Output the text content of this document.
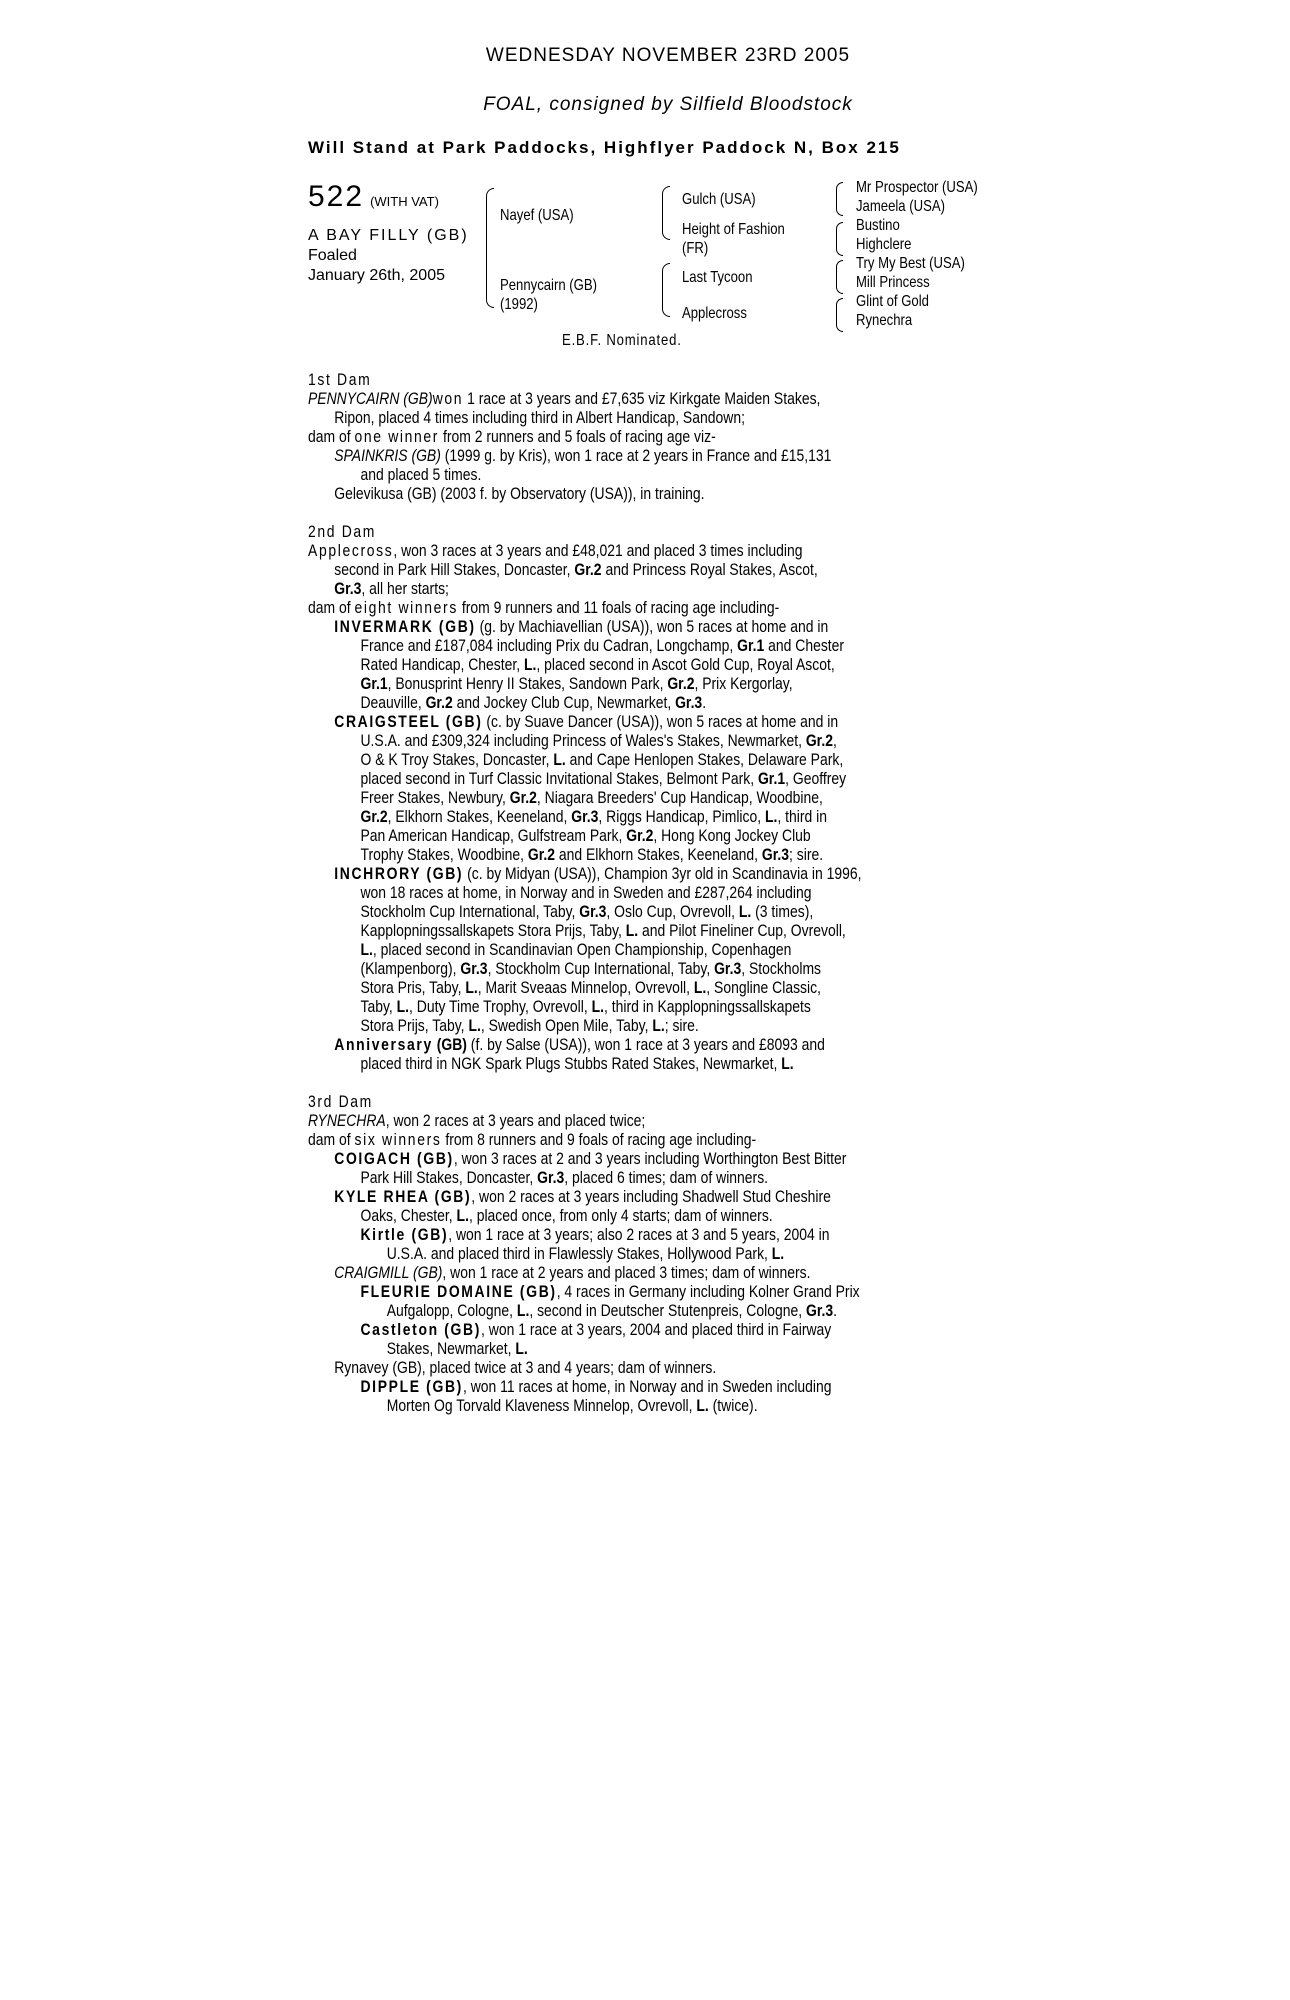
WEDNESDAY NOVEMBER 23RD 2005
FOAL, consigned by Silfield Bloodstock
Will Stand at Park Paddocks, Highflyer Paddock N, Box 215
522 (WITH VAT)
A BAY FILLY (GB)
Foaled
January 26th, 2005
Nayef (USA)
Pennycairn (GB)
(1992)
Gulch (USA)
Height of Fashion
(FR)
Last Tycoon
Applecross
Mr Prospector (USA)
Jameela (USA)
Bustino
Highclere
Try My Best (USA)
Mill Princess
Glint of Gold
Rynechra
E.B.F. Nominated.

1st Dam

PENNYCAIRN (GB)won 1 race at 3 years and £7,635 viz Kirkgate Maiden Stakes,

Ripon, placed 4 times including third in Albert Handicap, Sandown;

dam of one winner from 2 runners and 5 foals of racing age viz-

SPAINKRIS (GB) (1999 g. by Kris), won 1 race at 2 years in France and £15,131

and placed 5 times.

Gelevikusa (GB) (2003 f. by Observatory (USA)), in training.

2nd Dam

Applecross, won 3 races at 3 years and £48,021 and placed 3 times including

second in Park Hill Stakes, Doncaster, Gr.2 and Princess Royal Stakes, Ascot,

Gr.3, all her starts;

dam of eight winners from 9 runners and 11 foals of racing age including-

INVERMARK (GB) (g. by Machiavellian (USA)), won 5 races at home and in

France and £187,084 including Prix du Cadran, Longchamp, Gr.1 and Chester

Rated Handicap, Chester, L., placed second in Ascot Gold Cup, Royal Ascot,

Gr.1, Bonusprint Henry II Stakes, Sandown Park, Gr.2, Prix Kergorlay,

Deauville, Gr.2 and Jockey Club Cup, Newmarket, Gr.3.

CRAIGSTEEL (GB) (c. by Suave Dancer (USA)), won 5 races at home and in

U.S.A. and £309,324 including Princess of Wales's Stakes, Newmarket, Gr.2,

O & K Troy Stakes, Doncaster, L. and Cape Henlopen Stakes, Delaware Park,

placed second in Turf Classic Invitational Stakes, Belmont Park, Gr.1, Geoffrey

Freer Stakes, Newbury, Gr.2, Niagara Breeders' Cup Handicap, Woodbine,

Gr.2, Elkhorn Stakes, Keeneland, Gr.3, Riggs Handicap, Pimlico, L., third in

Pan American Handicap, Gulfstream Park, Gr.2, Hong Kong Jockey Club

Trophy Stakes, Woodbine, Gr.2 and Elkhorn Stakes, Keeneland, Gr.3; sire.

INCHRORY (GB) (c. by Midyan (USA)), Champion 3yr old in Scandinavia in 1996,

won 18 races at home, in Norway and in Sweden and £287,264 including

Stockholm Cup International, Taby, Gr.3, Oslo Cup, Ovrevoll, L. (3 times),

Kapplopningssallskapets Stora Prijs, Taby, L. and Pilot Fineliner Cup, Ovrevoll,

L., placed second in Scandinavian Open Championship, Copenhagen

(Klampenborg), Gr.3, Stockholm Cup International, Taby, Gr.3, Stockholms

Stora Pris, Taby, L., Marit Sveaas Minnelop, Ovrevoll, L., Songline Classic,

Taby, L., Duty Time Trophy, Ovrevoll, L., third in Kapplopningssallskapets

Stora Prijs, Taby, L., Swedish Open Mile, Taby, L.; sire.

Anniversary (GB) (f. by Salse (USA)), won 1 race at 3 years and £8093 and

placed third in NGK Spark Plugs Stubbs Rated Stakes, Newmarket, L.

3rd Dam

RYNECHRA, won 2 races at 3 years and placed twice;

dam of six winners from 8 runners and 9 foals of racing age including-

COIGACH (GB), won 3 races at 2 and 3 years including Worthington Best Bitter

Park Hill Stakes, Doncaster, Gr.3, placed 6 times; dam of winners.

KYLE RHEA (GB), won 2 races at 3 years including Shadwell Stud Cheshire

Oaks, Chester, L., placed once, from only 4 starts; dam of winners.

Kirtle (GB), won 1 race at 3 years; also 2 races at 3 and 5 years, 2004 in

U.S.A. and placed third in Flawlessly Stakes, Hollywood Park, L.

CRAIGMILL (GB), won 1 race at 2 years and placed 3 times; dam of winners.

FLEURIE DOMAINE (GB), 4 races in Germany including Kolner Grand Prix

Aufgalopp, Cologne, L., second in Deutscher Stutenpreis, Cologne, Gr.3.

Castleton (GB), won 1 race at 3 years, 2004 and placed third in Fairway

Stakes, Newmarket, L.

Rynavey (GB), placed twice at 3 and 4 years; dam of winners.

DIPPLE (GB), won 11 races at home, in Norway and in Sweden including

Morten Og Torvald Klaveness Minnelop, Ovrevoll, L. (twice).
